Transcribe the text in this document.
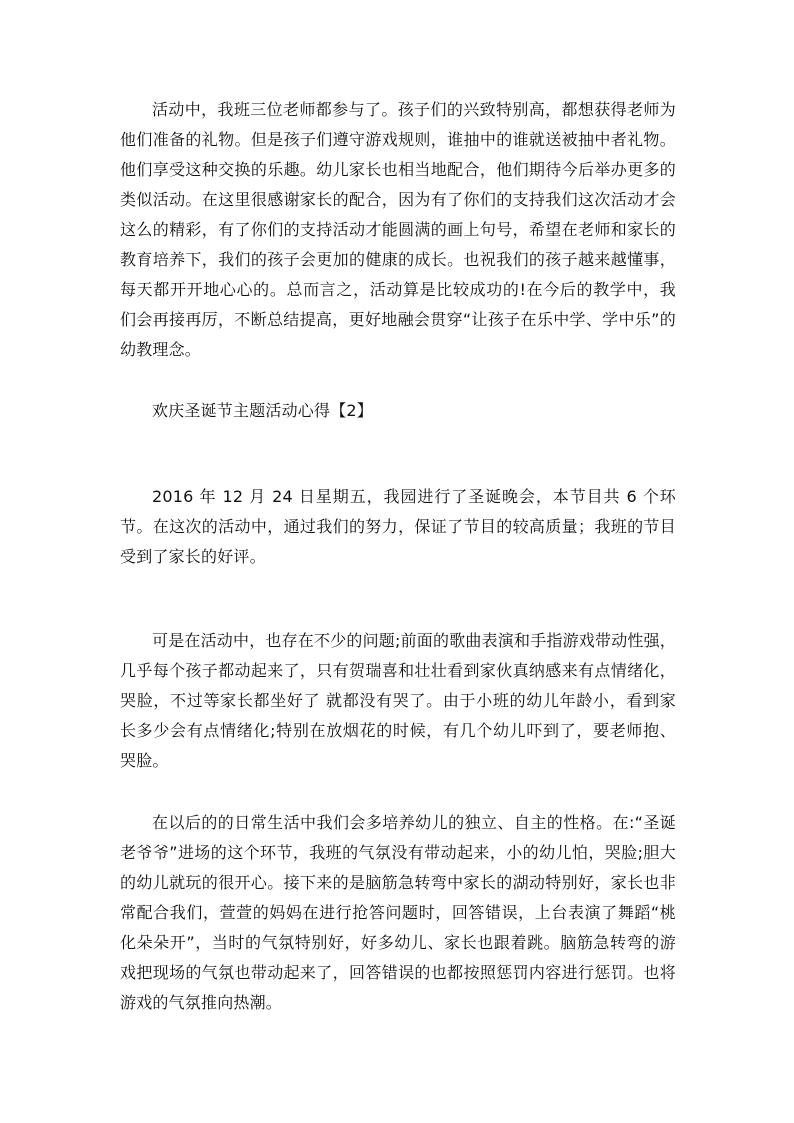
活动中，我班三位老师都参与了。孩子们的兴致特别高，都想获得老师为他们准备的礼物。但是孩子们遵守游戏规则，谁抽中的谁就送被抽中者礼物。他们享受这种交换的乐趣。幼儿家长也相当地配合，他们期待今后举办更多的类似活动。在这里很感谢家长的配合，因为有了你们的支持我们这次活动才会这么的精彩，有了你们的支持活动才能圆满的画上句号，希望在老师和家长的教育培养下，我们的孩子会更加的健康的成长。也祝我们的孩子越来越懂事，每天都开开地心心的。总而言之，活动算是比较成功的!在今后的教学中，我们会再接再厉，不断总结提高，更好地融会贯穿“让孩子在乐中学、学中乐”的幼教理念。

欢庆圣诞节主题活动心得【2】

2016 年 12 月 24 日星期五，我园进行了圣诞晚会，本节目共 6 个环节。在这次的活动中，通过我们的努力，保证了节目的较高质量；我班的节目受到了家长的好评。

可是在活动中，也存在不少的问题;前面的歌曲表演和手指游戏带动性强，几乎每个孩子都动起来了，只有贺瑞喜和壮壮看到家伙真纳感来有点情绪化，哭脸，不过等家长都坐好了 就都没有哭了。由于小班的幼儿年龄小，看到家长多少会有点情绪化;特别在放烟花的时候，有几个幼儿吓到了，要老师抱、哭脸。

在以后的的日常生活中我们会多培养幼儿的独立、自主的性格。在:“圣诞老爷爷”进场的这个环节，我班的气氛没有带动起来，小的幼儿怕，哭脸;胆大的幼儿就玩的很开心。接下来的是脑筋急转弯中家长的湖动特别好，家长也非常配合我们，萱萱的妈妈在进行抢答问题时，回答错误，上台表演了舞蹈“桃化朵朵开”，当时的气氛特别好，好多幼儿、家长也跟着跳。脑筋急转弯的游戏把现场的气氛也带动起来了，回答错误的也都按照惩罚内容进行惩罚。也将游戏的气氛推向热潮。
